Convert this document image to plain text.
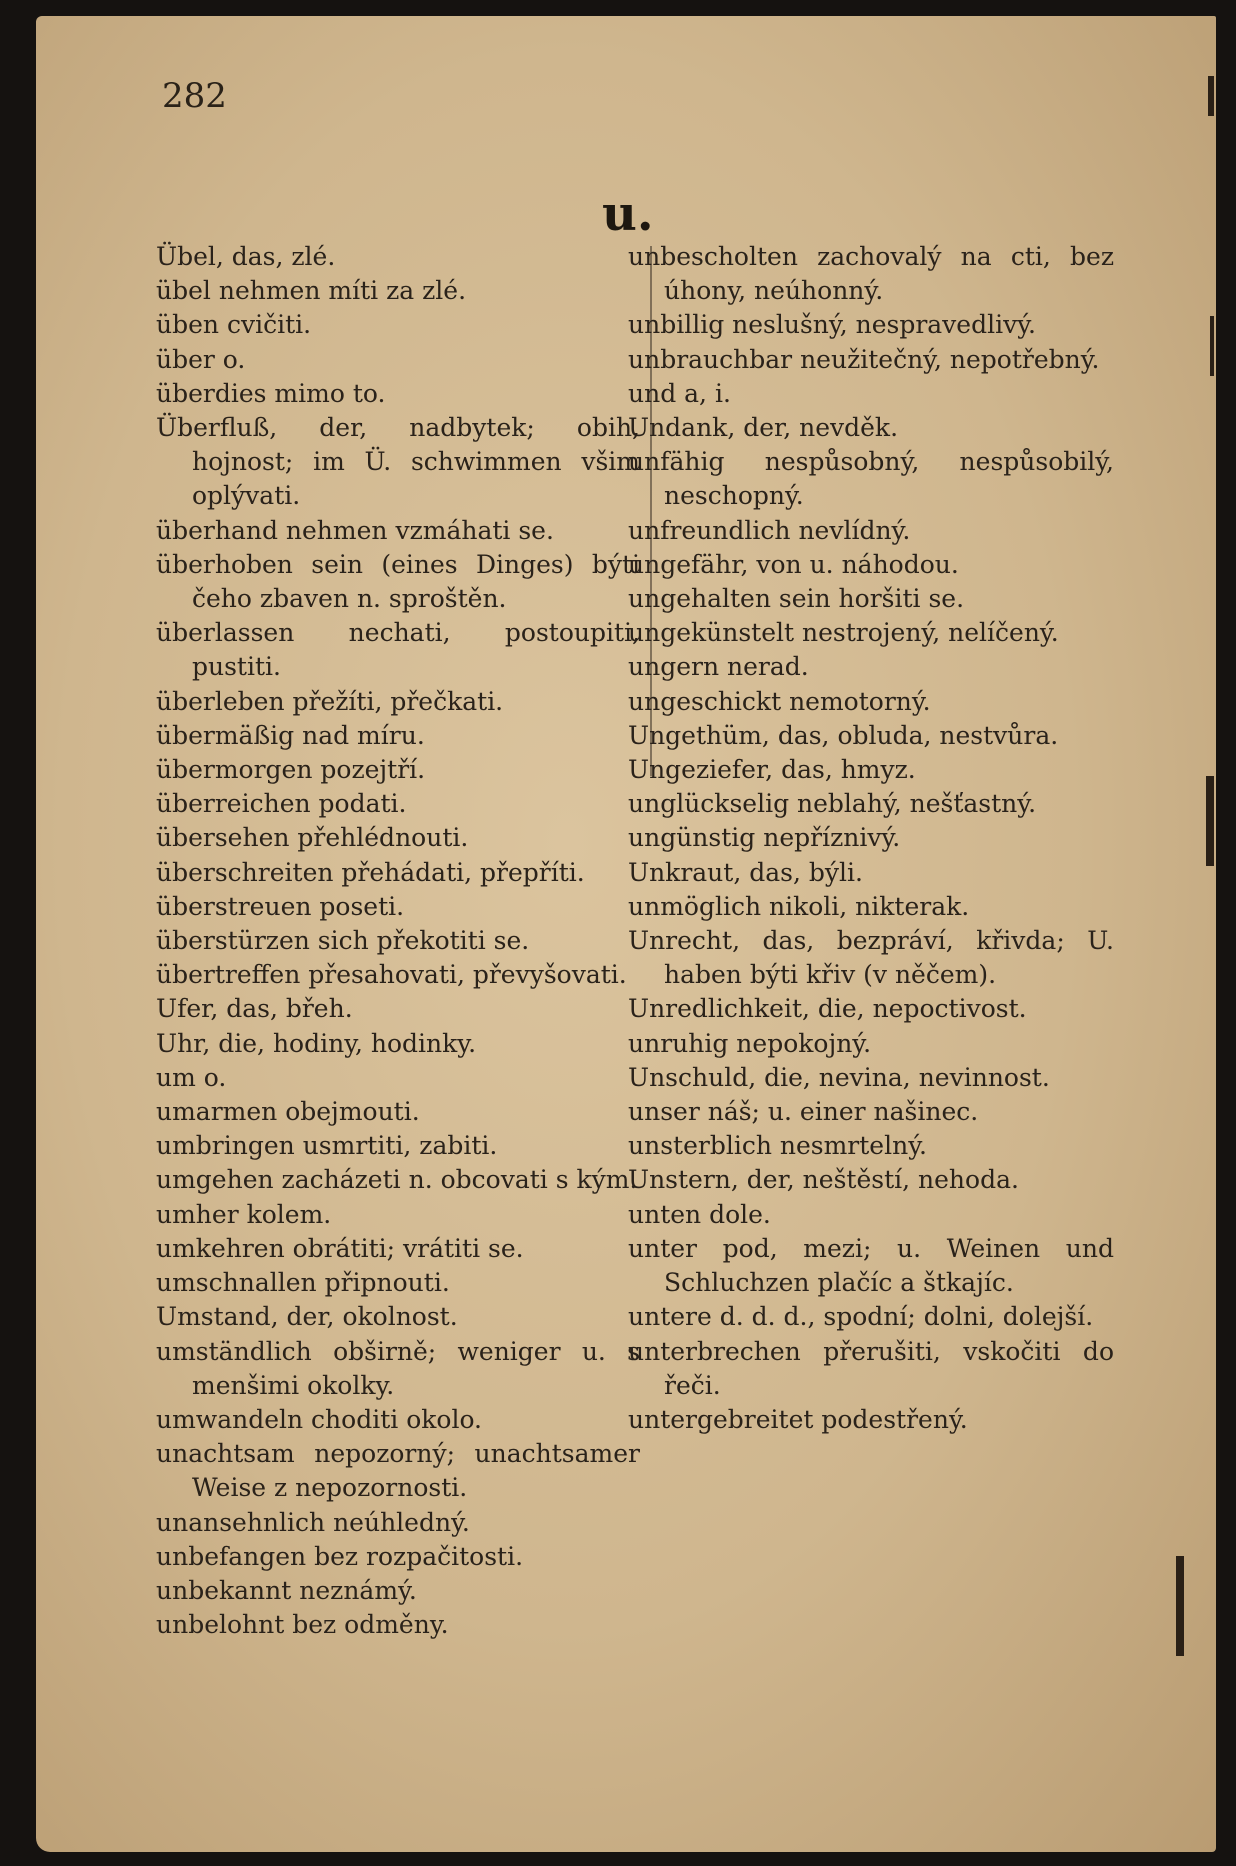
282
u.
Übel, das, zlé.
übel nehmen míti za zlé.
üben cvičiti.
über o.
überdies mimo to.
Überfluß, der, nadbytek; obih, hojnost; im Ü. schwimmen všim oplývati.
überhand nehmen vzmáhati se.
überhoben sein (eines Dinges) býti čeho zbaven n. sproštěn.
überlassen nechati, postoupiti, pustiti.
überleben přežíti, přečkati.
übermäßig nad míru.
übermorgen pozejtří.
überreichen podati.
übersehen přehlédnouti.
überschreiten přehádati, přepříti.
überstreuen poseti.
überstürzen sich překotiti se.
übertreffen přesahovati, převyšovati.
Ufer, das, břeh.
Uhr, die, hodiny, hodinky.
um o.
umarmen obejmouti.
umbringen usmrtiti, zabiti.
umgehen zacházeti n. obcovati s kým.
umher kolem.
umkehren obrátiti; vrátiti se.
umschnallen připnouti.
Umstand, der, okolnost.
umständlich obširně; weniger u. s menšimi okolky.
umwandeln choditi okolo.
unachtsam nepozorný; unachtsamer Weise z nepozornosti.
unansehnlich neúhledný.
unbefangen bez rozpačitosti.
unbekannt neznámý.
unbelohnt bez odměny.
unbescholten zachovalý na cti, bez úhony, neúhonný.
unbillig neslušný, nespravedlivý.
unbrauchbar neužitečný, nepotřebný.
und a, i.
Undank, der, nevděk.
unfähig nespůsobný, nespůsobilý, neschopný.
unfreundlich nevlídný.
ungefähr, von u. náhodou.
ungehalten sein horšiti se.
ungekünstelt nestrojený, nelíčený.
ungern nerad.
ungeschickt nemotorný.
Ungethüm, das, obluda, nestvůra.
Ungeziefer, das, hmyz.
unglückselig neblahý, nešťastný.
ungünstig nepříznivý.
Unkraut, das, býli.
unmöglich nikoli, nikterak.
Unrecht, das, bezpráví, křivda; U. haben býti křiv (v něčem).
Unredlichkeit, die, nepoctivost.
unruhig nepokojný.
Unschuld, die, nevina, nevinnost.
unser náš; u. einer našinec.
unsterblich nesmrtelný.
Unstern, der, neštěstí, nehoda.
unten dole.
unter pod, mezi; u. Weinen und Schluchzen plačíc a štkajíc.
untere d. d. d., spodní; dolni, dolejší.
unterbrechen přerušiti, vskočiti do řeči.
untergebreitet podestřený.
